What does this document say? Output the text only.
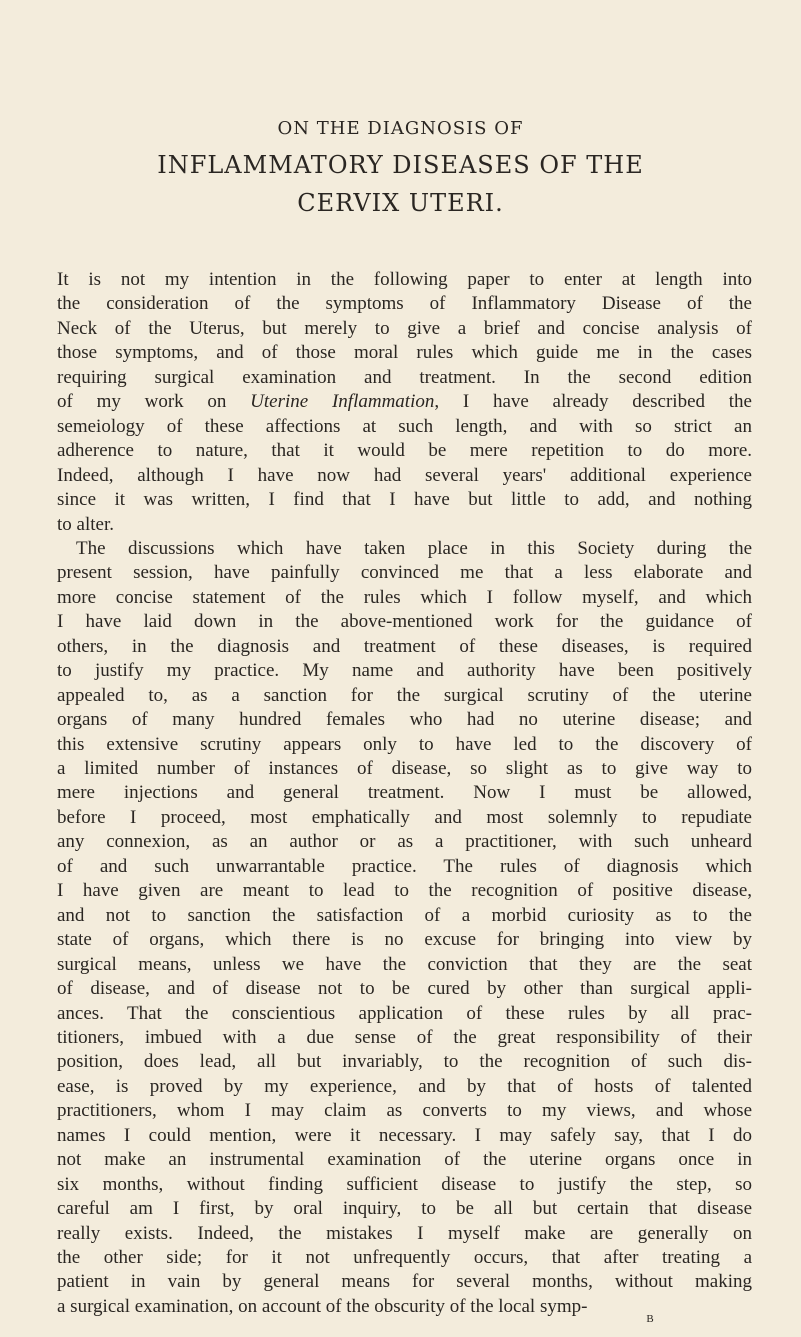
ON THE DIAGNOSIS OF
INFLAMMATORY DISEASES OF THE
CERVIX UTERI.
It is not my intention in the following paper to enter at length into
the consideration of the symptoms of Inflammatory Disease of the
Neck of the Uterus, but merely to give a brief and concise analysis of
those symptoms, and of those moral rules which guide me in the cases
requiring surgical examination and treatment. In the second edition
of my work on Uterine Inflammation, I have already described the
semeiology of these affections at such length, and with so strict an
adherence to nature, that it would be mere repetition to do more.
Indeed, although I have now had several years' additional experience
since it was written, I find that I have but little to add, and nothing
to alter.
The discussions which have taken place in this Society during the
present session, have painfully convinced me that a less elaborate and
more concise statement of the rules which I follow myself, and which
I have laid down in the above-mentioned work for the guidance of
others, in the diagnosis and treatment of these diseases, is required
to justify my practice. My name and authority have been positively
appealed to, as a sanction for the surgical scrutiny of the uterine
organs of many hundred females who had no uterine disease; and
this extensive scrutiny appears only to have led to the discovery of
a limited number of instances of disease, so slight as to give way to
mere injections and general treatment. Now I must be allowed,
before I proceed, most emphatically and most solemnly to repudiate
any connexion, as an author or as a practitioner, with such unheard
of and such unwarrantable practice. The rules of diagnosis which
I have given are meant to lead to the recognition of positive disease,
and not to sanction the satisfaction of a morbid curiosity as to the
state of organs, which there is no excuse for bringing into view by
surgical means, unless we have the conviction that they are the seat
of disease, and of disease not to be cured by other than surgical appli-
ances. That the conscientious application of these rules by all prac-
titioners, imbued with a due sense of the great responsibility of their
position, does lead, all but invariably, to the recognition of such dis-
ease, is proved by my experience, and by that of hosts of talented
practitioners, whom I may claim as converts to my views, and whose
names I could mention, were it necessary. I may safely say, that I do
not make an instrumental examination of the uterine organs once in
six months, without finding sufficient disease to justify the step, so
careful am I first, by oral inquiry, to be all but certain that disease
really exists. Indeed, the mistakes I myself make are generally on
the other side; for it not unfrequently occurs, that after treating a
patient in vain by general means for several months, without making
a surgical examination, on account of the obscurity of the local symp-
B
